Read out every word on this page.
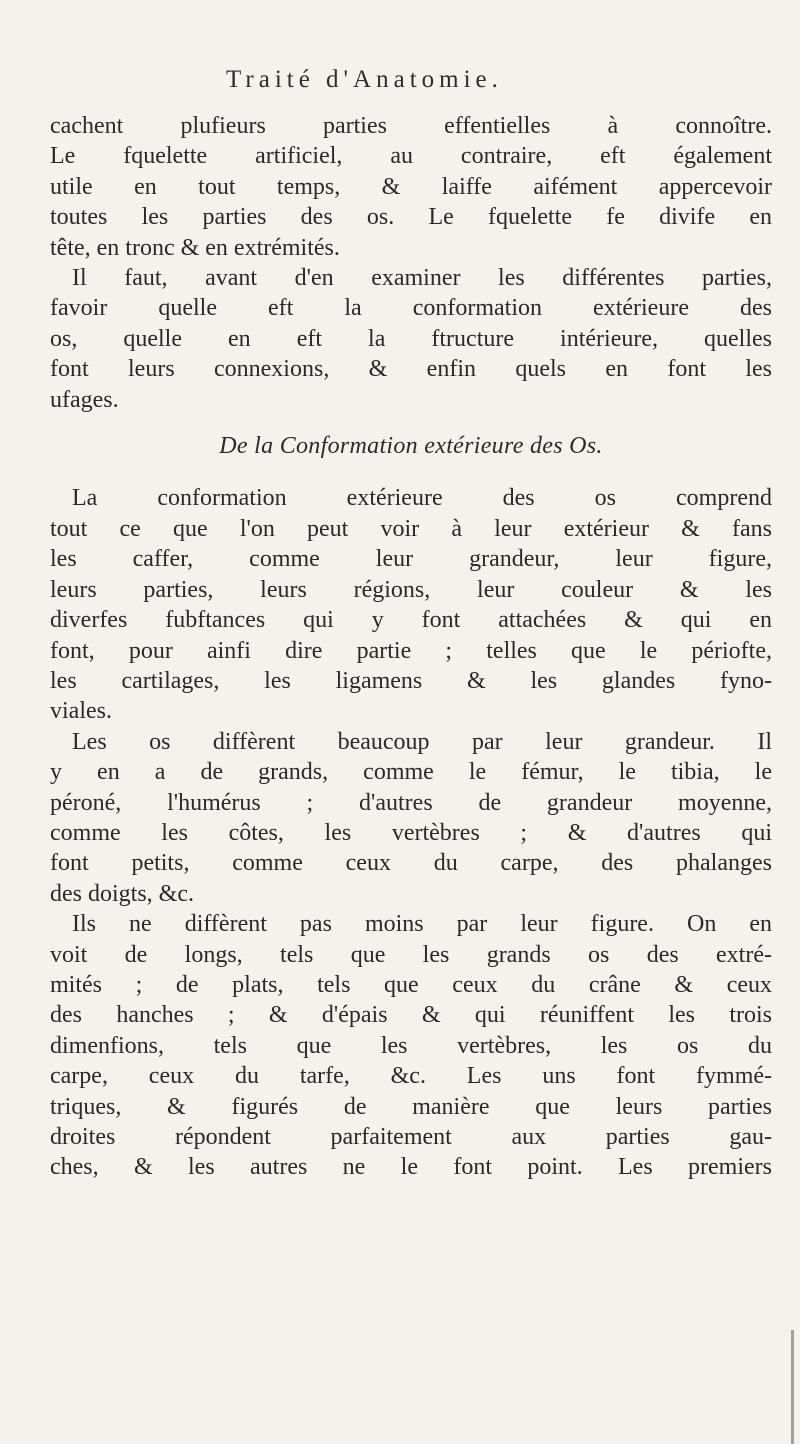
Traité d'Anatomie.
cachent plufieurs parties effentielles à connoître.
Le fquelette artificiel, au contraire, eft également
utile en tout temps, & laiffe aifément appercevoir
toutes les parties des os. Le fquelette fe divife en
tête, en tronc & en extrémités.
Il faut, avant d'en examiner les différentes parties,
favoir quelle eft la conformation extérieure des
os, quelle en eft la ftructure intérieure, quelles
font leurs connexions, & enfin quels en font les
ufages.
De la Conformation extérieure des Os.
La conformation extérieure des os comprend
tout ce que l'on peut voir à leur extérieur & fans
les caffer, comme leur grandeur, leur figure,
leurs parties, leurs régions, leur couleur & les
diverfes fubftances qui y font attachées & qui en
font, pour ainfi dire partie ; telles que le périofte,
les cartilages, les ligamens & les glandes fyno-
viales.
Les os diffèrent beaucoup par leur grandeur. Il
y en a de grands, comme le fémur, le tibia, le
péroné, l'humérus ; d'autres de grandeur moyenne,
comme les côtes, les vertèbres ; & d'autres qui
font petits, comme ceux du carpe, des phalanges
des doigts, &c.
Ils ne diffèrent pas moins par leur figure. On en
voit de longs, tels que les grands os des extré-
mités ; de plats, tels que ceux du crâne & ceux
des hanches ; & d'épais & qui réuniffent les trois
dimenfions, tels que les vertèbres, les os du
carpe, ceux du tarfe, &c. Les uns font fymmé-
triques, & figurés de manière que leurs parties
droites répondent parfaitement aux parties gau-
ches, & les autres ne le font point. Les premiers
